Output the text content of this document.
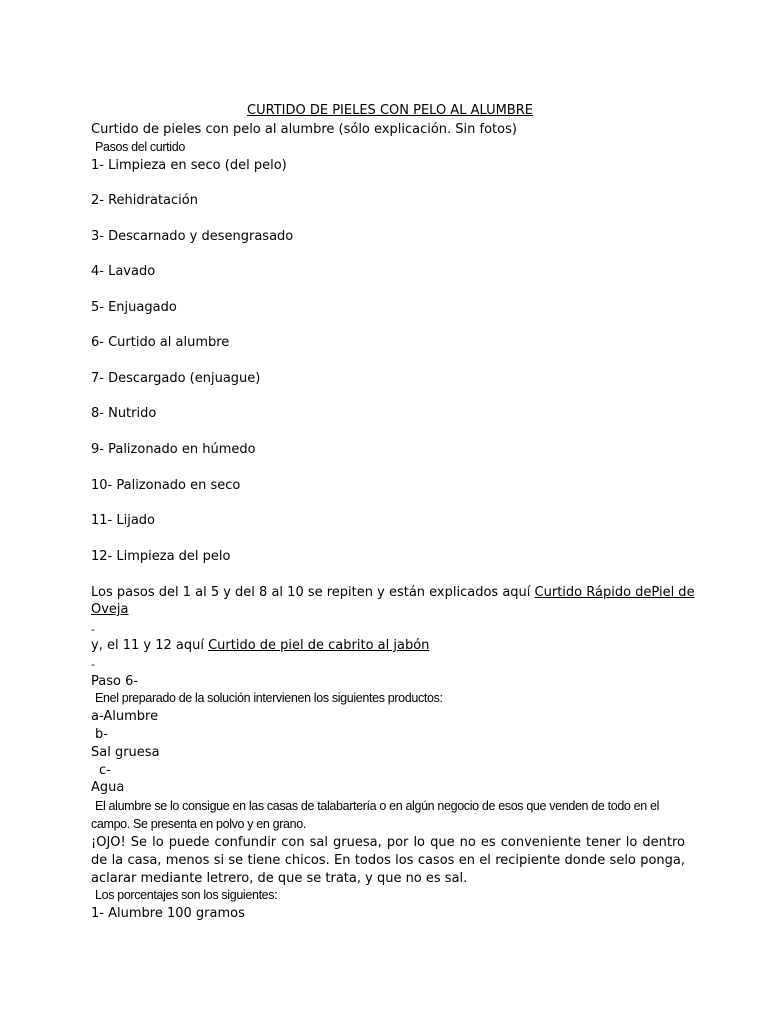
CURTIDO DE PIELES CON PELO AL ALUMBRE
Curtido de pieles con pelo al alumbre (sólo explicación. Sin fotos)
Pasos del curtido
1- Limpieza en seco (del pelo)
2- Rehidratación
3- Descarnado y desengrasado
4- Lavado
5- Enjuagado
6- Curtido al alumbre
7- Descargado (enjuague)
8- Nutrido
9- Palizonado en húmedo
10- Palizonado en seco
11- Lijado
12- Limpieza del pelo
Los pasos del 1 al 5 y del 8 al 10 se repiten y están explicados aquí Curtido Rápido dePiel de
Oveja
-
y, el 11 y 12 aquí Curtido de piel de cabrito al jabón
-
Paso 6-
Enel preparado de la solución intervienen los siguientes productos:
a-Alumbre
b-
Sal gruesa
c-
Agua
El alumbre se lo consigue en las casas de talabartería o en algún negocio de esos que venden de todo en el
campo. Se presenta en polvo y en grano.
¡OJO! Se lo puede confundir con sal gruesa, por lo que no es conveniente tener lo dentro de la casa, menos si se tiene chicos. En todos los casos en el recipiente donde selo ponga, aclarar mediante letrero, de que se trata, y que no es sal.
Los porcentajes son los siguientes:
1- Alumbre 100 gramos
